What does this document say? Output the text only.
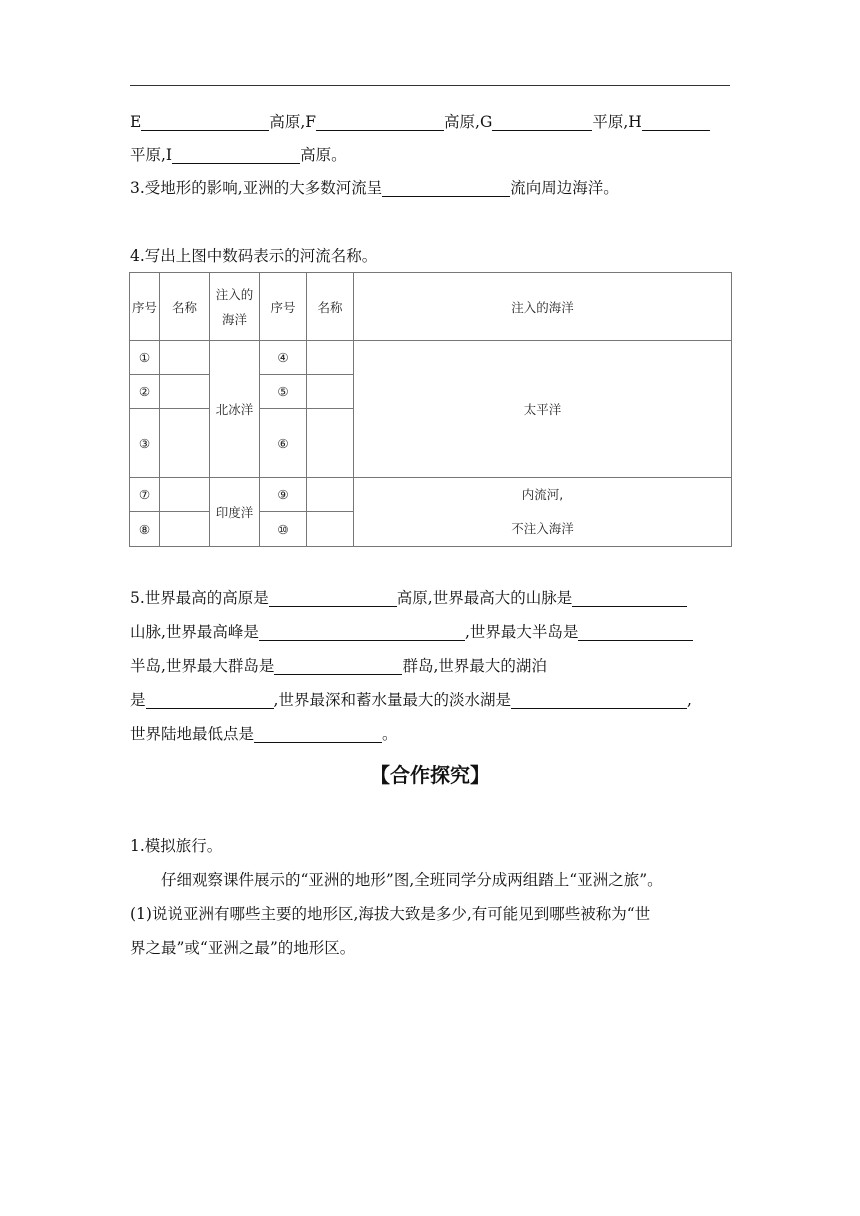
E	高原,F	高原,G	平原,H
平原,I	高原。
3.受地形的影响,亚洲的大多数河流呈	流向周边海洋。
4.写出上图中数码表示的河流名称。
序号	名称	注入的
海洋	序号	名称	注入的海洋
①		北冰洋	④		太平洋
②			⑤		
③			⑥		
⑦		印度洋	⑨		内流河,
不注入海洋
⑧			⑩		
5.世界最高的高原是	高原,世界最高大的山脉是
山脉,世界最高峰是	,世界最大半岛是
半岛,世界最大群岛是	群岛,世界最大的湖泊
是	,世界最深和蓄水量最大的淡水湖是	,
世界陆地最低点是	。
【合作探究】
1.模拟旅行。
仔细观察课件展示的“亚洲的地形”图,全班同学分成两组踏上“亚洲之旅”。
(1)说说亚洲有哪些主要的地形区,海拔大致是多少,有可能见到哪些被称为“世
界之最”或“亚洲之最”的地形区。
